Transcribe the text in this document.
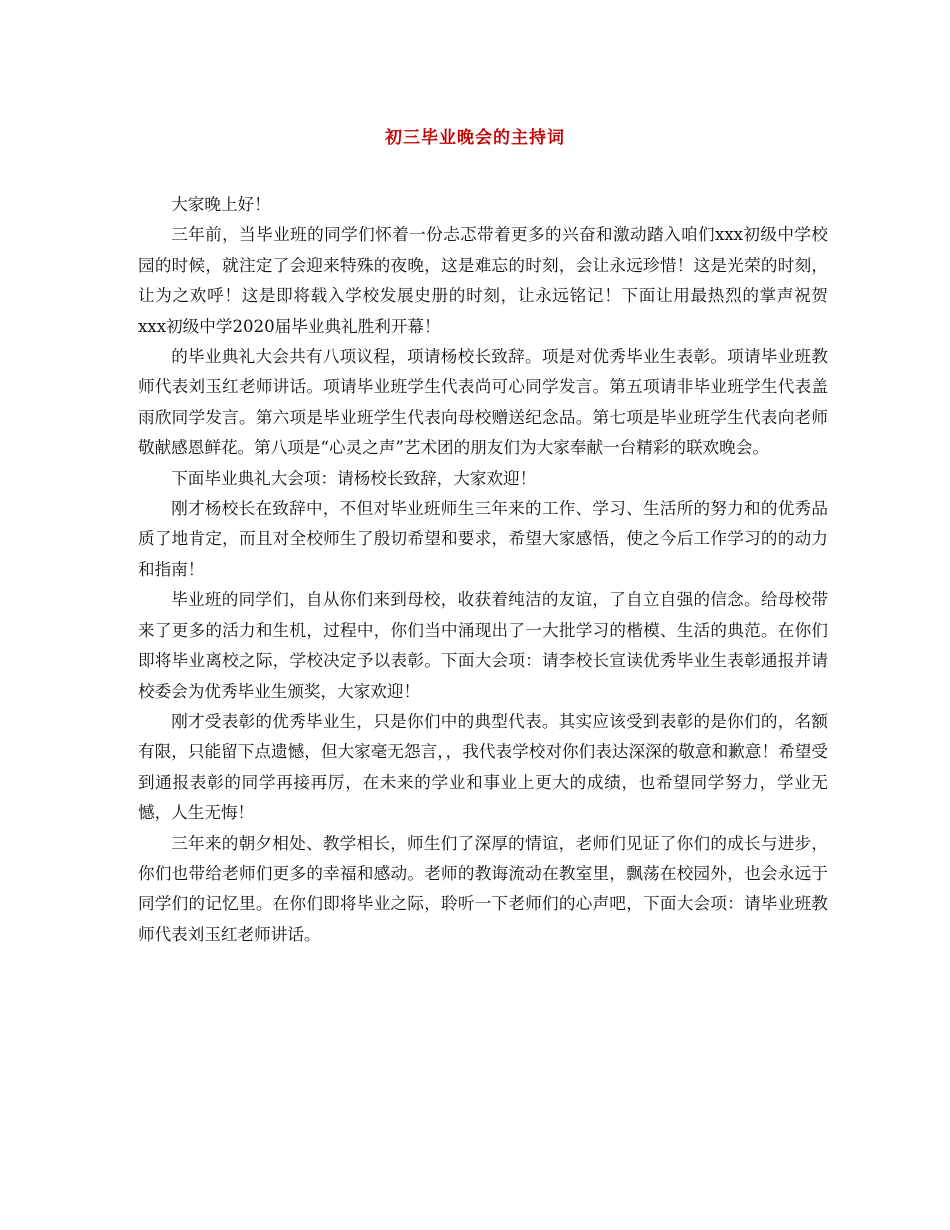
初三毕业晚会的主持词

大家晚上好！

三年前，当毕业班的同学们怀着一份忐忑带着更多的兴奋和激动踏入咱们xxx初级中学校园的时候，就注定了会迎来特殊的夜晚，这是难忘的时刻，会让永远珍惜！这是光荣的时刻，让为之欢呼！这是即将载入学校发展史册的时刻，让永远铭记！下面让用最热烈的掌声祝贺xxx初级中学2020届毕业典礼胜利开幕！

的毕业典礼大会共有八项议程，项请杨校长致辞。项是对优秀毕业生表彰。项请毕业班教师代表刘玉红老师讲话。项请毕业班学生代表尚可心同学发言。第五项请非毕业班学生代表盖雨欣同学发言。第六项是毕业班学生代表向母校赠送纪念品。第七项是毕业班学生代表向老师敬献感恩鲜花。第八项是“心灵之声”艺术团的朋友们为大家奉献一台精彩的联欢晚会。

下面毕业典礼大会项：请杨校长致辞，大家欢迎！

刚才杨校长在致辞中，不但对毕业班师生三年来的工作、学习、生活所的努力和的优秀品质了地肯定，而且对全校师生了殷切希望和要求，希望大家感悟，使之今后工作学习的的动力和指南！

毕业班的同学们，自从你们来到母校，收获着纯洁的友谊，了自立自强的信念。给母校带来了更多的活力和生机，过程中，你们当中涌现出了一大批学习的楷模、生活的典范。在你们即将毕业离校之际，学校决定予以表彰。下面大会项：请李校长宣读优秀毕业生表彰通报并请校委会为优秀毕业生颁奖，大家欢迎！

刚才受表彰的优秀毕业生，只是你们中的典型代表。其实应该受到表彰的是你们的，名额有限，只能留下点遗憾，但大家毫无怨言，，我代表学校对你们表达深深的敬意和歉意！希望受到通报表彰的同学再接再厉，在未来的学业和事业上更大的成绩，也希望同学努力，学业无憾，人生无悔！

三年来的朝夕相处、教学相长，师生们了深厚的情谊，老师们见证了你们的成长与进步，你们也带给老师们更多的幸福和感动。老师的教诲流动在教室里，飘荡在校园外，也会永远于同学们的记忆里。在你们即将毕业之际，聆听一下老师们的心声吧，下面大会项：请毕业班教师代表刘玉红老师讲话。
